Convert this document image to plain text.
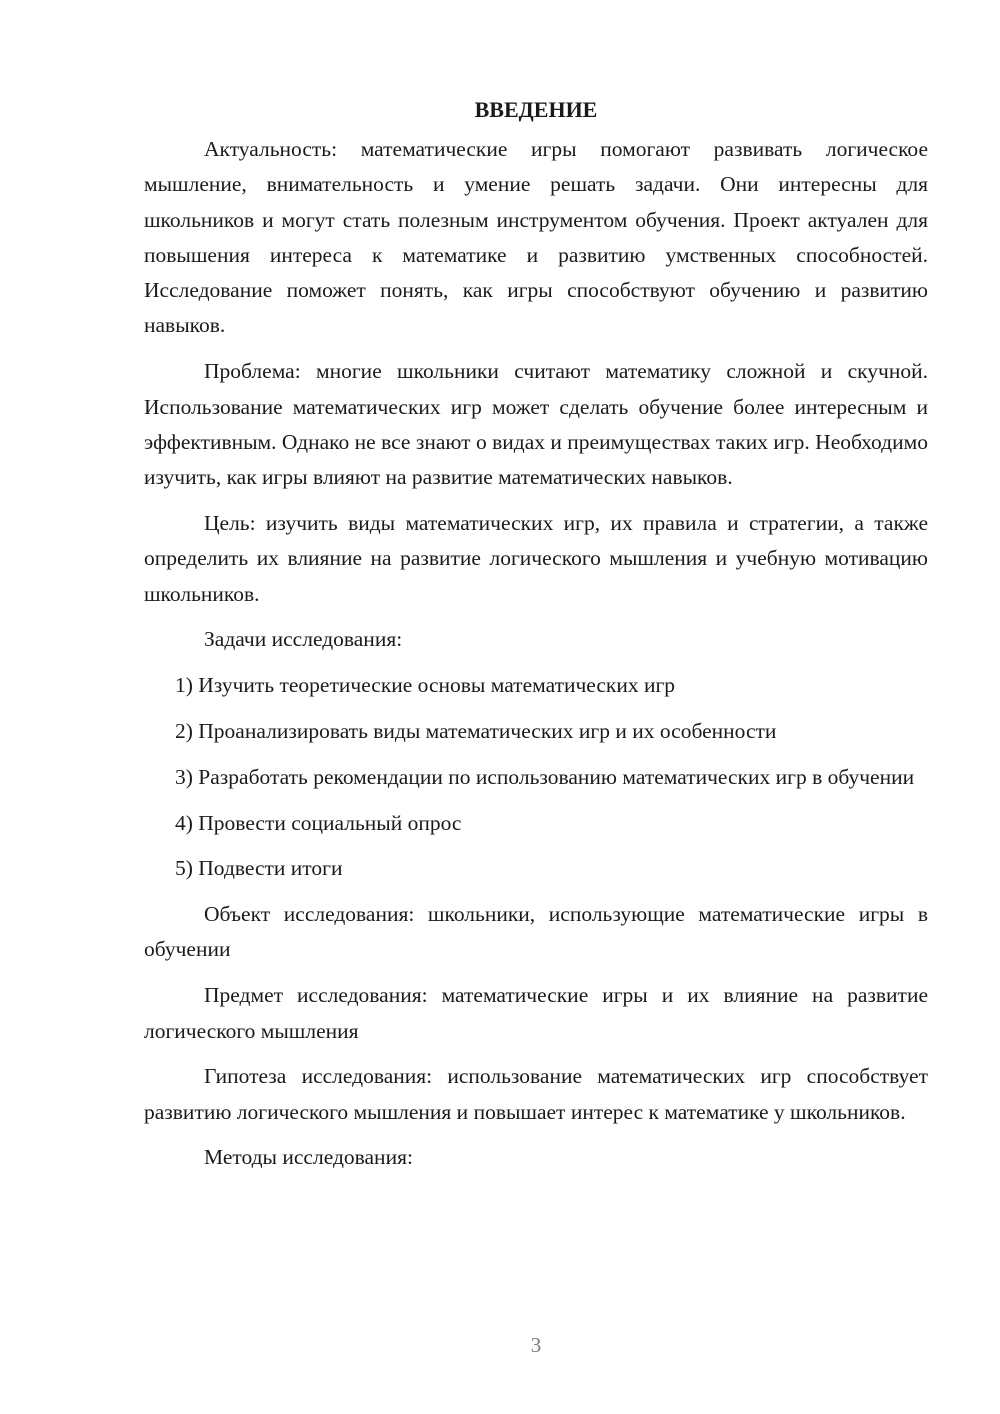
ВВЕДЕНИЕ

Актуальность: математические игры помогают развивать логическое мышление, внимательность и умение решать задачи. Они интересны для школьников и могут стать полезным инструментом обучения. Проект актуален для повышения интереса к математике и развитию умственных способностей. Исследование поможет понять, как игры способствуют обучению и развитию навыков.

Проблема: многие школьники считают математику сложной и скучной. Использование математических игр может сделать обучение более интересным и эффективным. Однако не все знают о видах и преимуществах таких игр. Необходимо изучить, как игры влияют на развитие математических навыков.

Цель: изучить виды математических игр, их правила и стратегии, а также определить их влияние на развитие логического мышления и учебную мотивацию школьников.

Задачи исследования:

1) Изучить теоретические основы математических игр

2) Проанализировать виды математических игр и их особенности

3) Разработать рекомендации по использованию математических игр в обучении

4) Провести социальный опрос

5) Подвести итоги

Объект исследования: школьники, использующие математические игры в обучении

Предмет исследования: математические игры и их влияние на развитие логического мышления

Гипотеза исследования: использование математических игр способствует развитию логического мышления и повышает интерес к математике у школьников.

Методы исследования:

3
